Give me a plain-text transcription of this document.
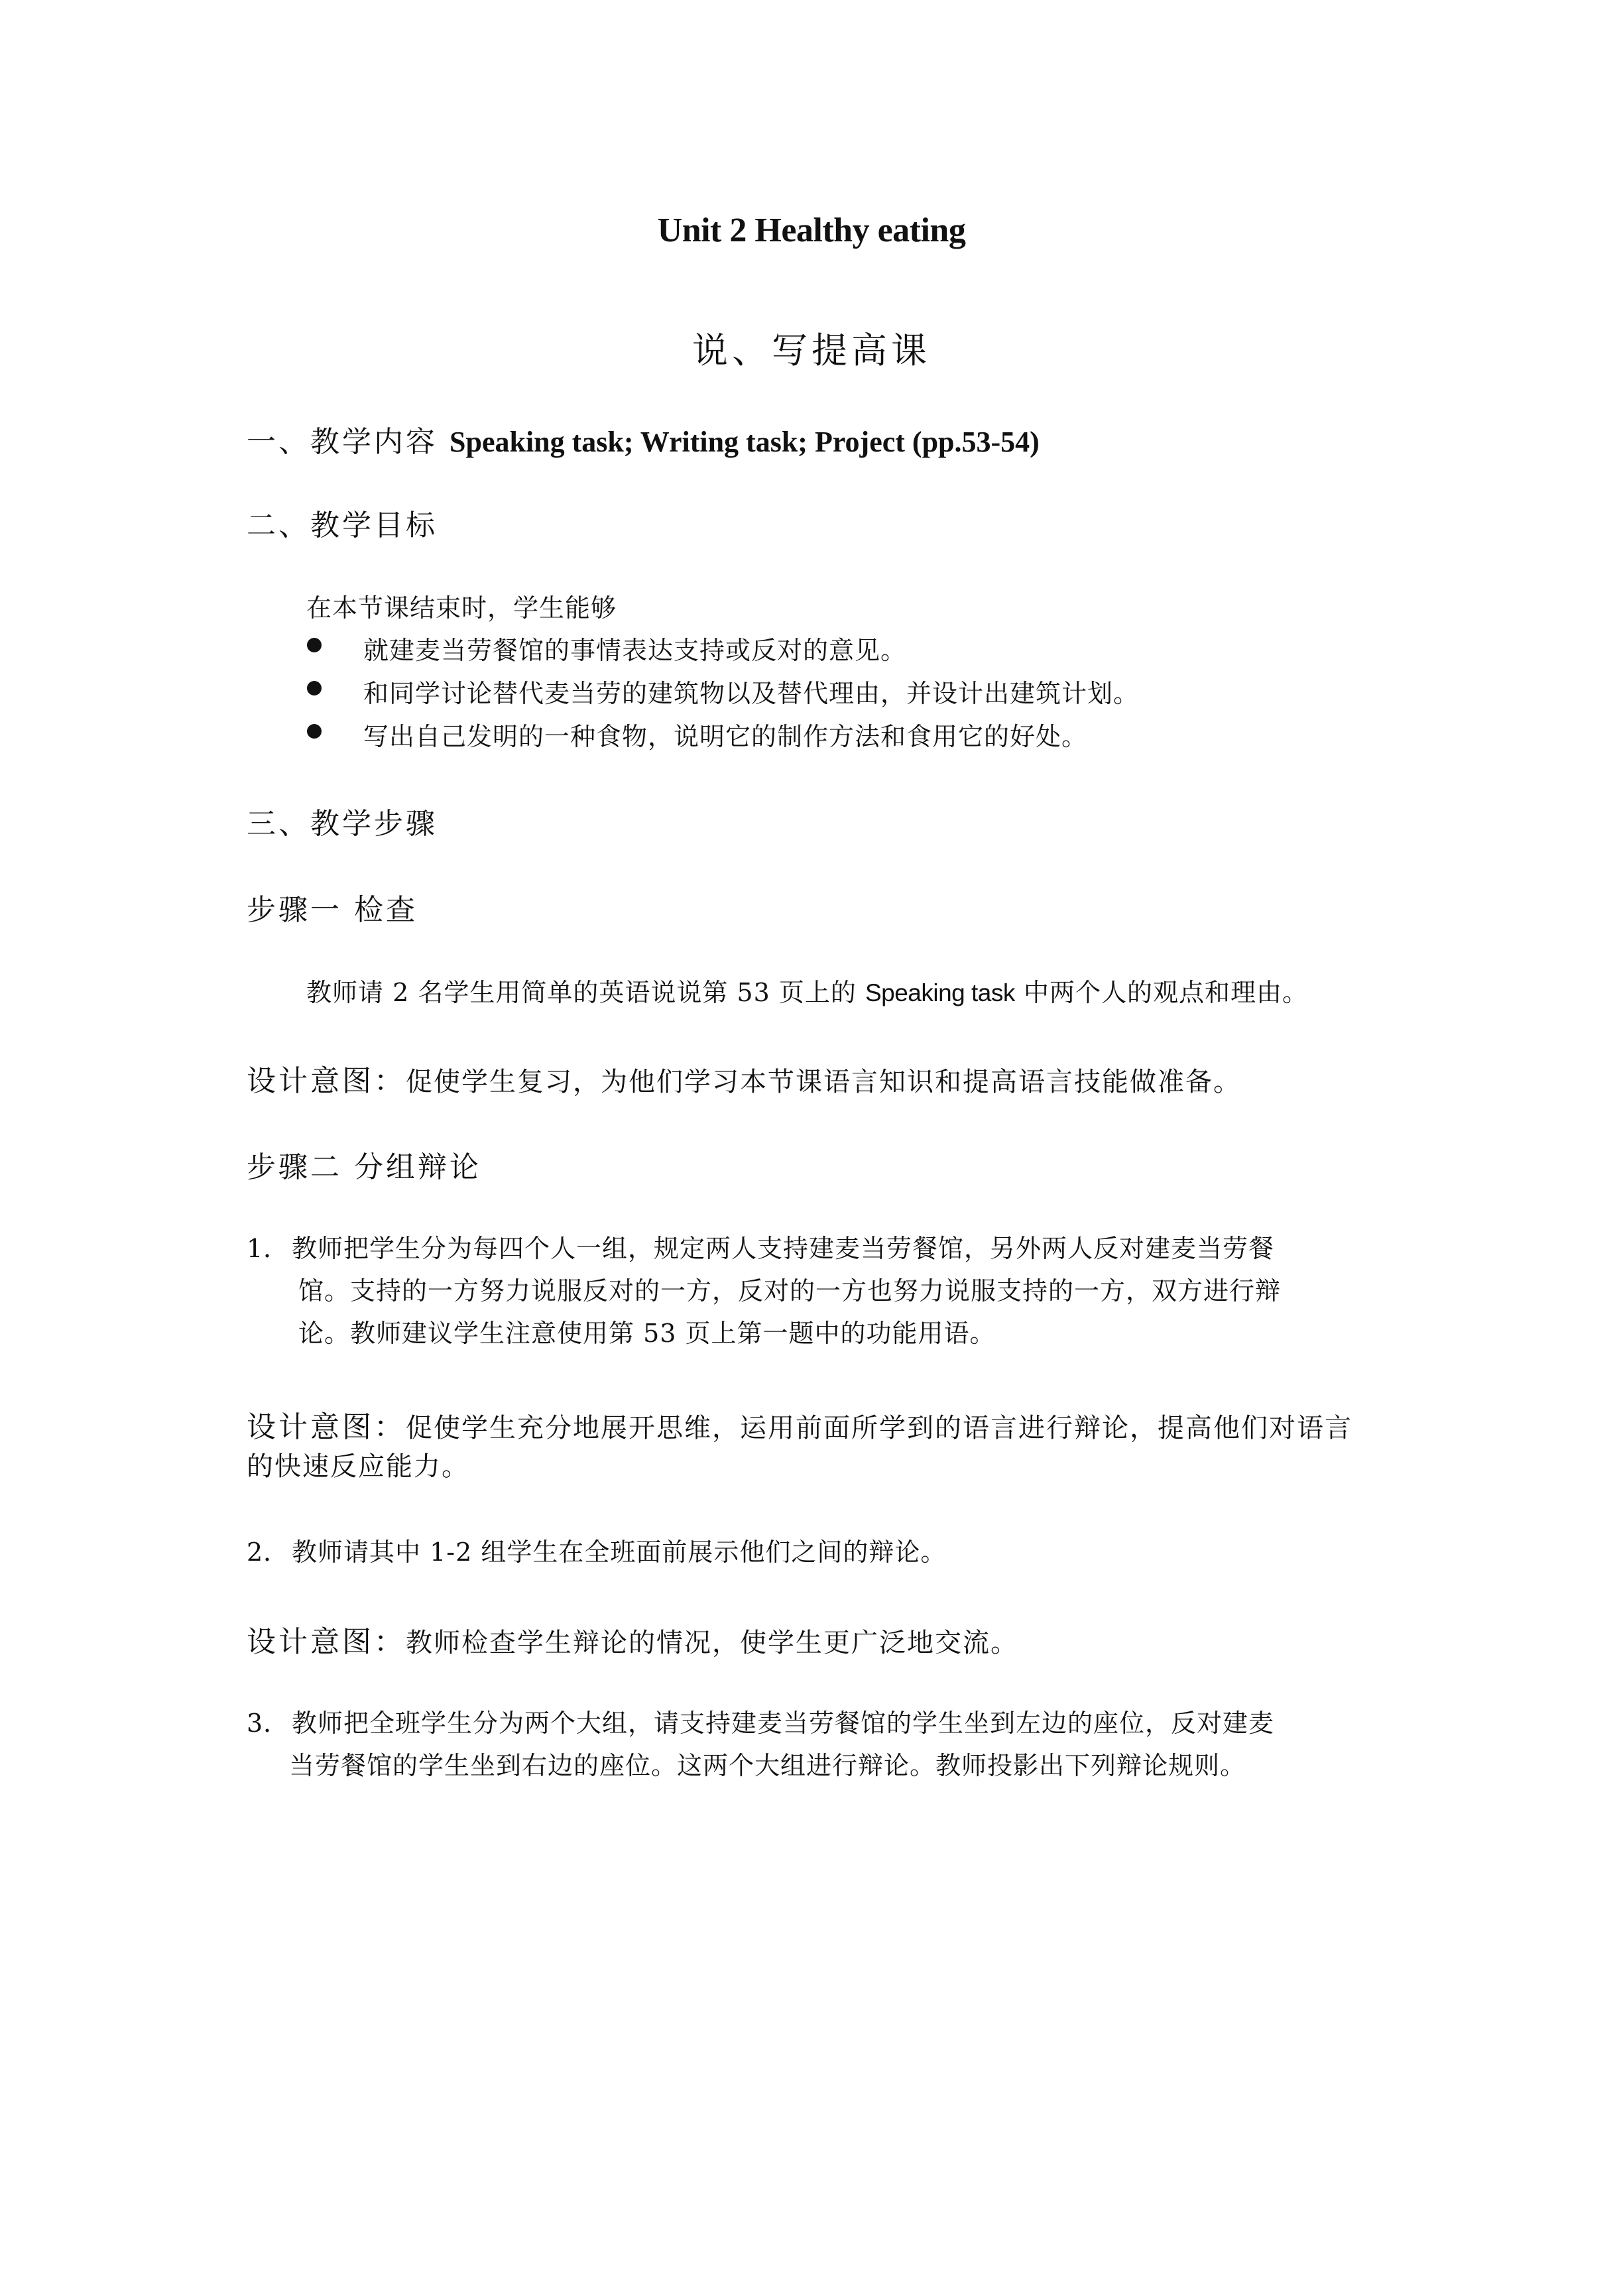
Unit 2 Healthy eating
说、写提高课
一、教学内容 Speaking task; Writing task; Project (pp.53-54)
二、教学目标
在本节课结束时，学生能够
就建麦当劳餐馆的事情表达支持或反对的意见。
和同学讨论替代麦当劳的建筑物以及替代理由，并设计出建筑计划。
写出自己发明的一种食物，说明它的制作方法和食用它的好处。
三、教学步骤
步骤一 检查
教师请 2 名学生用简单的英语说说第 53 页上的 Speaking task 中两个人的观点和理由。
设计意图：促使学生复习，为他们学习本节课语言知识和提高语言技能做准备。
步骤二 分组辩论
1． 教师把学生分为每四个人一组，规定两人支持建麦当劳餐馆，另外两人反对建麦当劳餐
馆。支持的一方努力说服反对的一方，反对的一方也努力说服支持的一方，双方进行辩
论。教师建议学生注意使用第 53 页上第一题中的功能用语。
设计意图：促使学生充分地展开思维，运用前面所学到的语言进行辩论，提高他们对语言
的快速反应能力。
2． 教师请其中 1-2 组学生在全班面前展示他们之间的辩论。
设计意图：教师检查学生辩论的情况，使学生更广泛地交流。
3． 教师把全班学生分为两个大组，请支持建麦当劳餐馆的学生坐到左边的座位，反对建麦
当劳餐馆的学生坐到右边的座位。这两个大组进行辩论。教师投影出下列辩论规则。
